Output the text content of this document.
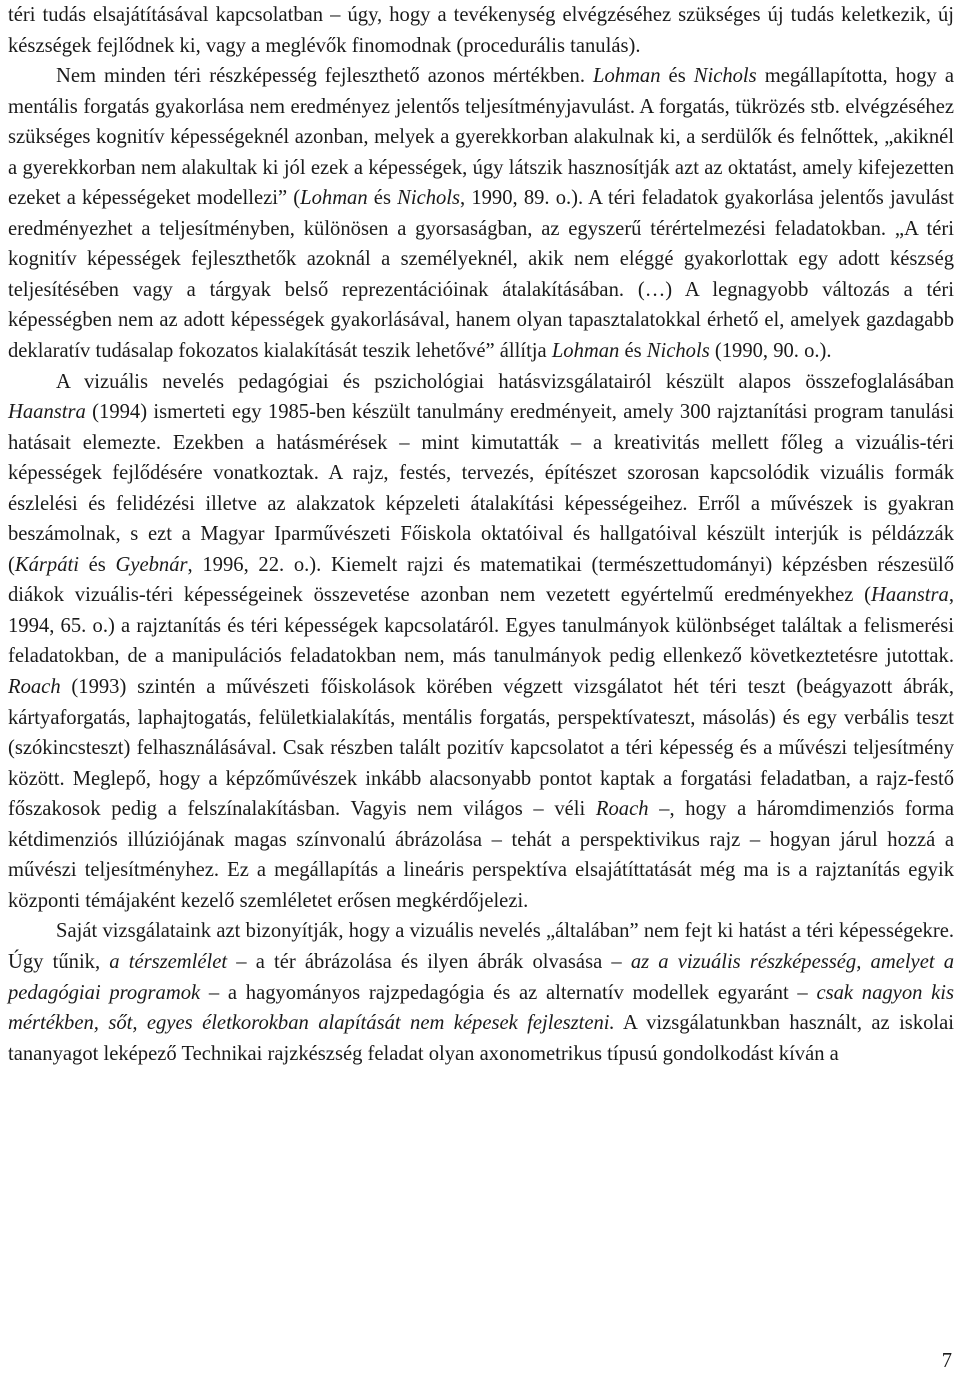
téri tudás elsajátításával kapcsolatban – úgy, hogy a tevékenység elvégzéséhez szükséges új tudás keletkezik, új készségek fejlődnek ki, vagy a meglévők finomodnak (procedurális tanulás).

Nem minden téri részképesség fejleszthető azonos mértékben. Lohman és Nichols megállapította, hogy a mentális forgatás gyakorlása nem eredményez jelentős teljesítményjavulást. A forgatás, tükrözés stb. elvégzéséhez szükséges kognitív képességeknél azonban, melyek a gyerekkorban alakulnak ki, a serdülők és felnőttek, „akiknél a gyerekkorban nem alakultak ki jól ezek a képességek, úgy látszik hasznosítják azt az oktatást, amely kifejezetten ezeket a képességeket modellezi” (Lohman és Nichols, 1990, 89. o.). A téri feladatok gyakorlása jelentős javulást eredményezhet a teljesítményben, különösen a gyorsaságban, az egyszerű térértelmezési feladatokban. „A téri kognitív képességek fejleszthetők azoknál a személyeknél, akik nem eléggé gyakorlottak egy adott készség teljesítésében vagy a tárgyak belső reprezentációinak átalakításában. (…) A legnagyobb változás a téri képességben nem az adott képességek gyakorlásával, hanem olyan tapasztalatokkal érhető el, amelyek gazdagabb deklaratív tudásalap fokozatos kialakítását teszik lehetővé” állítja Lohman és Nichols (1990, 90. o.).

A vizuális nevelés pedagógiai és pszichológiai hatásvizsgálatairól készült alapos összefoglalásában Haanstra (1994) ismerteti egy 1985-ben készült tanulmány eredményeit, amely 300 rajztanítási program tanulási hatásait elemezte. Ezekben a hatásmérések – mint kimutatták – a kreativitás mellett főleg a vizuális-téri képességek fejlődésére vonatkoztak. A rajz, festés, tervezés, építészet szorosan kapcsolódik vizuális formák észlelési és felidézési illetve az alakzatok képzeleti átalakítási képességeihez. Erről a művészek is gyakran beszámolnak, s ezt a Magyar Iparművészeti Főiskola oktatóival és hallgatóival készült interjúk is példázzák (Kárpáti és Gyebnár, 1996, 22. o.). Kiemelt rajzi és matematikai (természettudományi) képzésben részesülő diákok vizuális-téri képességeinek összevetése azonban nem vezetett egyértelmű eredményekhez (Haanstra, 1994, 65. o.) a rajztanítás és téri képességek kapcsolatáról. Egyes tanulmányok különbséget találtak a felismerési feladatokban, de a manipulációs feladatokban nem, más tanulmányok pedig ellenkező következtetésre jutottak. Roach (1993) szintén a művészeti főiskolások körében végzett vizsgálatot hét téri teszt (beágyazott ábrák, kártyaforgatás, laphajtogatás, felületkialakítás, mentális forgatás, perspektívateszt, másolás) és egy verbális teszt (szókincsteszt) felhasználásával. Csak részben talált pozitív kapcsolatot a téri képesség és a művészi teljesítmény között. Meglepő, hogy a képzőművészek inkább alacsonyabb pontot kaptak a forgatási feladatban, a rajz-festő főszakosok pedig a felszínalakításban. Vagyis nem világos – véli Roach –, hogy a háromdimenziós forma kétdimenziós illúziójának magas színvonalú ábrázolása – tehát a perspektivikus rajz – hogyan járul hozzá a művészi teljesítményhez. Ez a megállapítás a lineáris perspektíva elsajátíttatását még ma is a rajztanítás egyik központi témájaként kezelő szemléletet erősen megkérdőjelezi.

Saját vizsgálataink azt bizonyítják, hogy a vizuális nevelés „általában” nem fejt ki hatást a téri képességekre. Úgy tűnik, a térszemlélet – a tér ábrázolása és ilyen ábrák olvasása – az a vizuális részképesség, amelyet a pedagógiai programok – a hagyományos rajzpedagógia és az alternatív modellek egyaránt – csak nagyon kis mértékben, sőt, egyes életkorokban alapítását nem képesek fejleszteni. A vizsgálatunkban használt, az iskolai tananyagot leképező Technikai rajzkészség feladat olyan axonometrikus típusú gondolkodást kíván a

7
